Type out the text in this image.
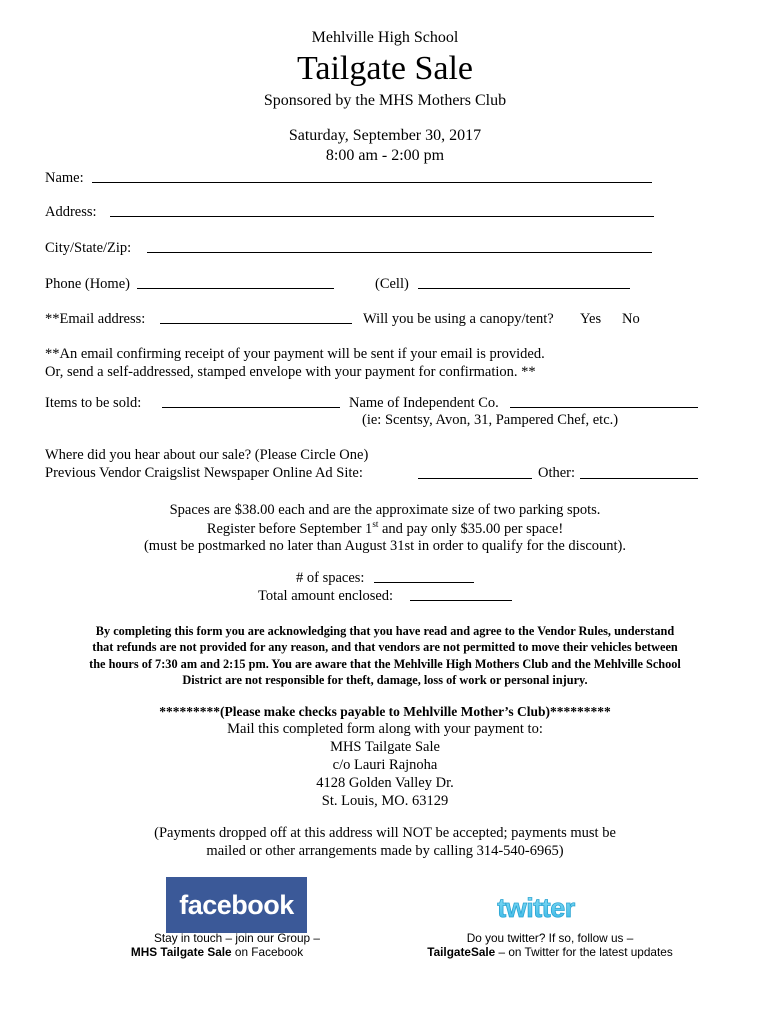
Mehlville High School
Tailgate Sale
Sponsored by the MHS Mothers Club
Saturday, September 30, 2017
8:00 am - 2:00 pm
Name:
Address:
City/State/Zip:
Phone (Home)	(Cell)
**Email address:	Will you be using a canopy/tent? Yes No
**An email confirming receipt of your payment will be sent if your email is provided.
Or, send a self-addressed, stamped envelope with your payment for confirmation. **
Items to be sold:	Name of Independent Co.
(ie: Scentsy, Avon, 31, Pampered Chef, etc.)
Where did you hear about our sale? (Please Circle One)
Previous Vendor Craigslist Newspaper Online Ad Site:	Other:
Spaces are $38.00 each and are the approximate size of two parking spots.
Register before September 1st and pay only $35.00 per space!
(must be postmarked no later than August 31st in order to qualify for the discount).
# of spaces:
Total amount enclosed:
By completing this form you are acknowledging that you have read and agree to the Vendor Rules, understand
that refunds are not provided for any reason, and that vendors are not permitted to move their vehicles between
the hours of 7:30 am and 2:15 pm. You are aware that the Mehlville High Mothers Club and the Mehlville School
District are not responsible for theft, damage, loss of work or personal injury.
*********(Please make checks payable to Mehlville Mother’s Club)*********
Mail this completed form along with your payment to:
MHS Tailgate Sale
c/o Lauri Rajnoha
4128 Golden Valley Dr.
St. Louis, MO. 63129
(Payments dropped off at this address will NOT be accepted; payments must be
mailed or other arrangements made by calling 314-540-6965)
facebook	twitter
Stay in touch – join our Group –
MHS Tailgate Sale on Facebook
Do you twitter? If so, follow us –
TailgateSale – on Twitter for the latest updates
